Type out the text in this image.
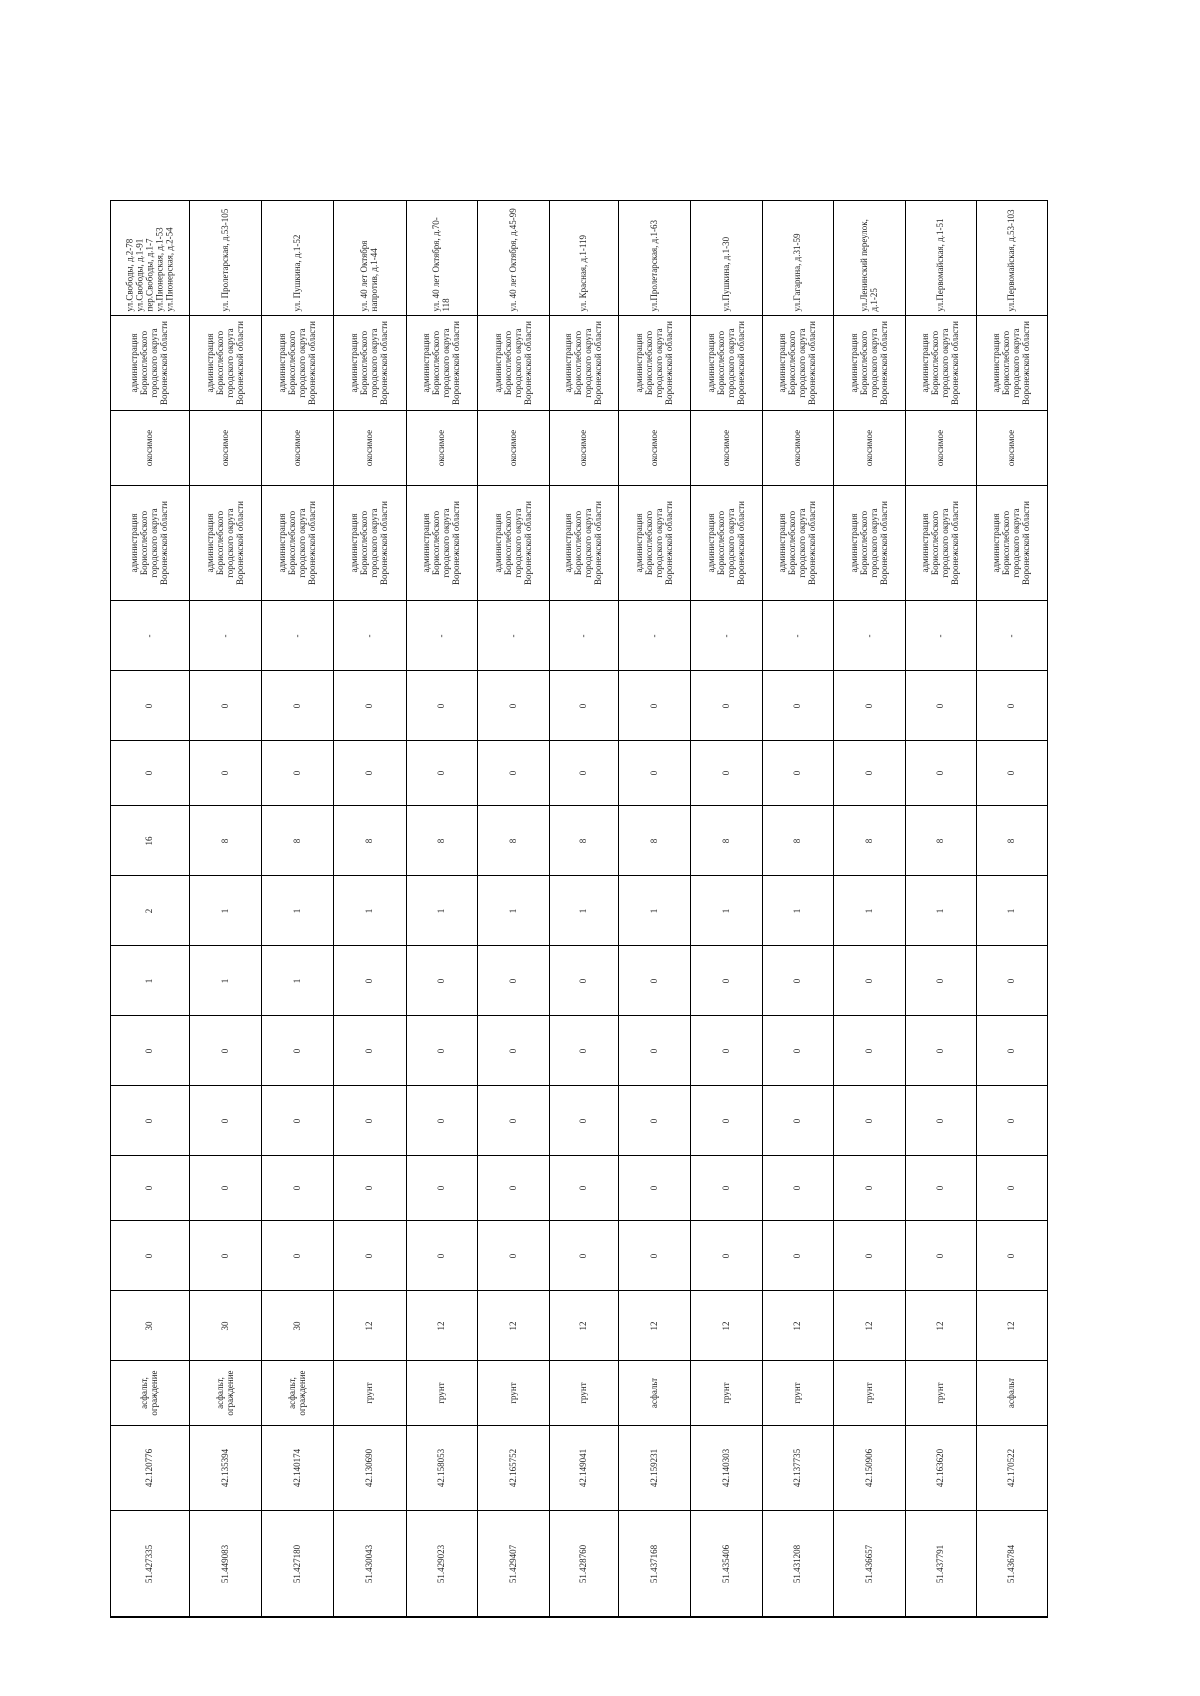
ул.Свободы, д.2-78
ул.Свободы, д.1-91
пер.Свободы, д.1-7
ул.Пионерская, д.1-53
ул.Пионерская, д.2-54
администрация Борисоглебского городского округа Воронежской области
окосимое
администрация Борисоглебского городского округа Воронежской области
-
0
0
16
2
1
0
0
0
0
30
асфальт, ограждение
42.120776
51.427335
ул. Пролетарская, д.53-105
администрация Борисоглебского городского округа Воронежской области
окосимое
администрация Борисоглебского городского округа Воронежской области
-
0
0
8
1
1
0
0
0
0
30
асфальт, ограждение
42.135394
51.449083
ул. Пушкина, д.1-52
администрация Борисоглебского городского округа Воронежской области
окосимое
администрация Борисоглебского городского округа Воронежской области
-
0
0
8
1
1
0
0
0
0
30
асфальт, ограждение
42.140174
51.427180
ул. 40 лет Октября напротив, д.1-44
администрация Борисоглебского городского округа Воронежской области
окосимое
администрация Борисоглебского городского округа Воронежской области
-
0
0
8
1
0
0
0
0
0
12
грунт
42.130690
51.430043
ул. 40 лет Октября, д.70-118
администрация Борисоглебского городского округа Воронежской области
окосимое
администрация Борисоглебского городского округа Воронежской области
-
0
0
8
1
0
0
0
0
0
12
грунт
42.158053
51.429023
ул. 40 лет Октября, д.45-99
администрация Борисоглебского городского округа Воронежской области
окосимое
администрация Борисоглебского городского округа Воронежской области
-
0
0
8
1
0
0
0
0
0
12
грунт
42.165752
51.429407
ул. Красная, д.1-119
администрация Борисоглебского городского округа Воронежской области
окосимое
администрация Борисоглебского городского округа Воронежской области
-
0
0
8
1
0
0
0
0
0
12
грунт
42.149041
51.428760
ул.Пролетарская, д.1-63
администрация Борисоглебского городского округа Воронежской области
окосимое
администрация Борисоглебского городского округа Воронежской области
-
0
0
8
1
0
0
0
0
0
12
асфальт
42.159231
51.437168
ул.Пушкина, д.1-30
администрация Борисоглебского городского округа Воронежской области
окосимое
администрация Борисоглебского городского округа Воронежской области
-
0
0
8
1
0
0
0
0
0
12
грунт
42.140303
51.435406
ул.Гагарина, д.31-59
администрация Борисоглебского городского округа Воронежской области
окосимое
администрация Борисоглебского городского округа Воронежской области
-
0
0
8
1
0
0
0
0
0
12
грунт
42.137735
51.431208
ул.Ленинский переулок, д.1-25
администрация Борисоглебского городского округа Воронежской области
окосимое
администрация Борисоглебского городского округа Воронежской области
-
0
0
8
1
0
0
0
0
0
12
грунт
42.150906
51.436657
ул.Первомайская, д.1-51
администрация Борисоглебского городского округа Воронежской области
окосимое
администрация Борисоглебского городского округа Воронежской области
-
0
0
8
1
0
0
0
0
0
12
грунт
42.163620
51.437791
ул.Первомайская, д.53-103
администрация Борисоглебского городского округа Воронежской области
окосимое
администрация Борисоглебского городского округа Воронежской области
-
0
0
8
1
0
0
0
0
0
12
асфальт
42.170522
51.436784
